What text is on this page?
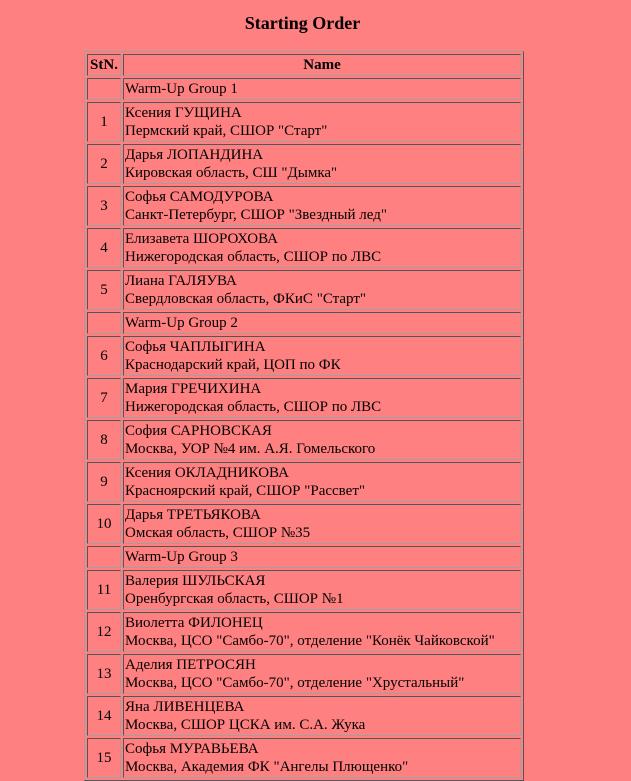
Starting Order
StN.	Name
	Warm-Up Group 1
1	Ксения ГУЩИНА
Пермский край, СШОР "Старт"

2	Дарья ЛОПАНДИНА
Кировская область, СШ "Дымка"

3	Софья САМОДУРОВА
Санкт-Петербург, СШОР "Звездный лед"

4	Елизавета ШОРОХОВА
Нижегородская область, СШОР по ЛВС

5	Лиана ГАЛЯУВА
Свердловская область, ФКиС "Старт"

	Warm-Up Group 2
6	Софья ЧАПЛЫГИНА
Краснодарский край, ЦОП по ФК

7	Мария ГРЕЧИХИНА
Нижегородская область, СШОР по ЛВС

8	София САРНОВСКАЯ
Москва, УОР №4 им. А.Я. Гомельского

9	Ксения ОКЛАДНИКОВА
Красноярский край, СШОР "Рассвет"

10	Дарья ТРЕТЬЯКОВА
Омская область, СШОР №35

	Warm-Up Group 3
11	Валерия ШУЛЬСКАЯ
Оренбургская область, СШОР №1

12	Виолетта ФИЛОНЕЦ
Москва, ЦСО "Самбо-70", отделение "Конёк Чайковской"

13	Аделия ПЕТРОСЯН
Москва, ЦСО "Самбо-70", отделение "Хрустальный"

14	Яна ЛИВЕНЦЕВА
Москва, СШОР ЦСКА им. С.А. Жука

15	Софья МУРАВЬЕВА
Москва, Академия ФК "Ангелы Плющенко"
